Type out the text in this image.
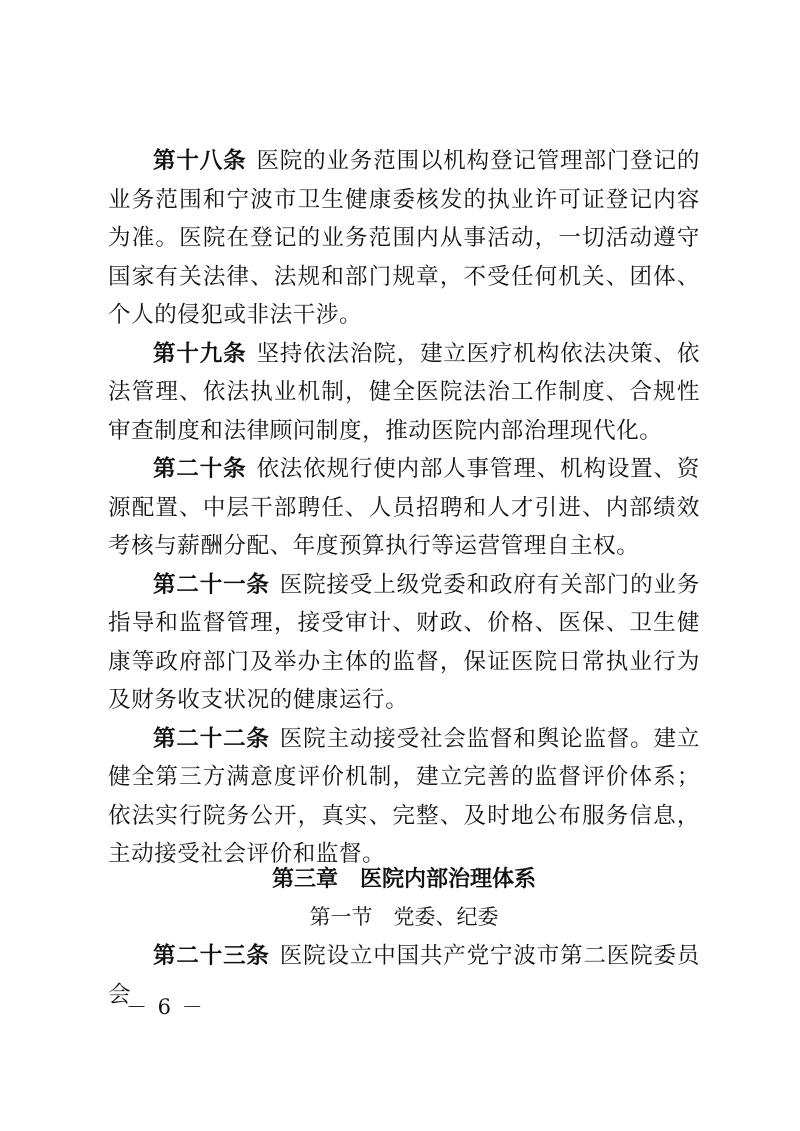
第十八条 医院的业务范围以机构登记管理部门登记的业务范围和宁波市卫生健康委核发的执业许可证登记内容为准。医院在登记的业务范围内从事活动，一切活动遵守国家有关法律、法规和部门规章，不受任何机关、团体、个人的侵犯或非法干涉。

第十九条 坚持依法治院，建立医疗机构依法决策、依法管理、依法执业机制，健全医院法治工作制度、合规性审查制度和法律顾问制度，推动医院内部治理现代化。

第二十条 依法依规行使内部人事管理、机构设置、资源配置、中层干部聘任、人员招聘和人才引进、内部绩效考核与薪酬分配、年度预算执行等运营管理自主权。

第二十一条 医院接受上级党委和政府有关部门的业务指导和监督管理，接受审计、财政、价格、医保、卫生健康等政府部门及举办主体的监督，保证医院日常执业行为及财务收支状况的健康运行。

第二十二条 医院主动接受社会监督和舆论监督。建立健全第三方满意度评价机制，建立完善的监督评价体系；依法实行院务公开，真实、完整、及时地公布服务信息，主动接受社会评价和监督。

第三章　医院内部治理体系
第一节　党委、纪委

第二十三条 医院设立中国共产党宁波市第二医院委员会

－ 6 －
